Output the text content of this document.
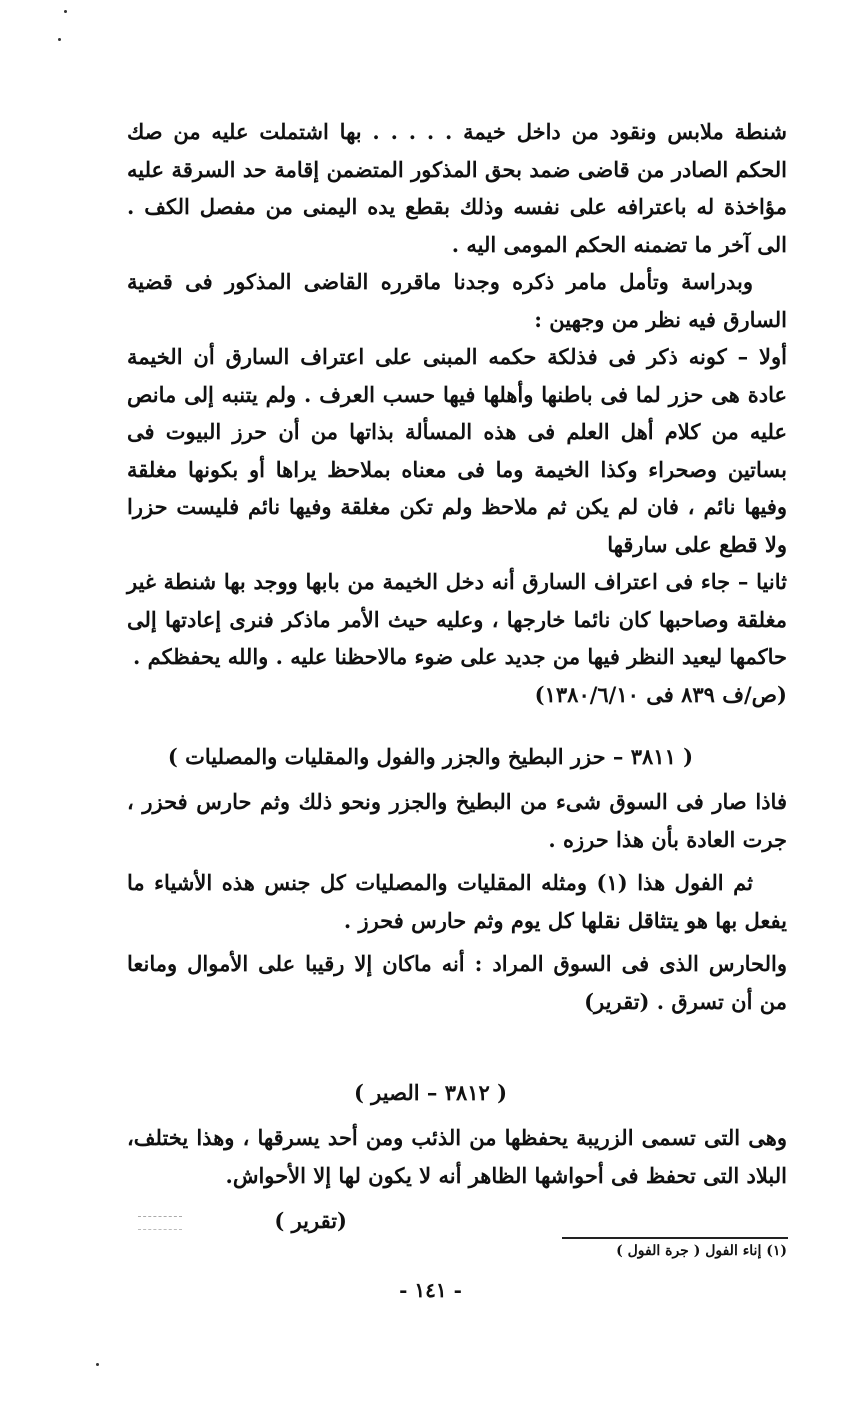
شنطة ملابس ونقود من داخل خيمة . . . . . بها اشتملت عليه من صك الحكم الصادر من قاضى ضمد بحق المذكور المتضمن إقامة حد السرقة عليه مؤاخذة له باعترافه على نفسه وذلك بقطع يده اليمنى من مفصل الكف . الى آخر ما تضمنه الحكم المومى اليه .

وبدراسة وتأمل مامر ذكره وجدنا ماقرره القاضى المذكور فى قضية السارق فيه نظر من وجهين :

أولا – كونه ذكر فى فذلكة حكمه المبنى على اعتراف السارق أن الخيمة عادة هى حزر لما فى باطنها وأهلها فيها حسب العرف . ولم يتنبه إلى مانص عليه من كلام أهل العلم فى هذه المسألة بذاتها من أن حرز البيوت فى بساتين وصحراء وكذا الخيمة وما فى معناه بملاحظ يراها أو بكونها مغلقة وفيها نائم ، فان لم يكن ثم ملاحظ ولم تكن مغلقة وفيها نائم فليست حزرا ولا قطع على سارقها

ثانيا – جاء فى اعتراف السارق أنه دخل الخيمة من بابها ووجد بها شنطة غير مغلقة وصاحبها كان نائما خارجها ، وعليه حيث الأمر ماذكر فنرى إعادتها إلى حاكمها ليعيد النظر فيها من جديد على ضوء مالاحظنا عليه . والله يحفظكم .

(ص/ف ٨٣٩ فى ١٣٨٠/٦/١٠)

( ٣٨١١ – حزر البطيخ والجزر والفول والمقليات والمصليات )

فاذا صار فى السوق شىء من البطيخ والجزر ونحو ذلك وثم حارس فحزر ، جرت العادة بأن هذا حرزه .

ثم الفول هذا (١) ومثله المقليات والمصليات كل جنس هذه الأشياء ما يفعل بها هو يتثاقل نقلها كل يوم وثم حارس فحرز .

والحارس الذى فى السوق المراد : أنه ماكان إلا رقيبا على الأموال ومانعا من أن تسرق . (تقرير)

( ٣٨١٢ – الصير )

وهى التى تسمى الزريبة يحفظها من الذئب ومن أحد يسرقها ، وهذا يختلف، البلاد التى تحفظ فى أحواشها الظاهر أنه لا يكون لها إلا الأحواش.

(تقرير )

(١) إناء الفول ( جرة الفول )
- ١٤١ -
